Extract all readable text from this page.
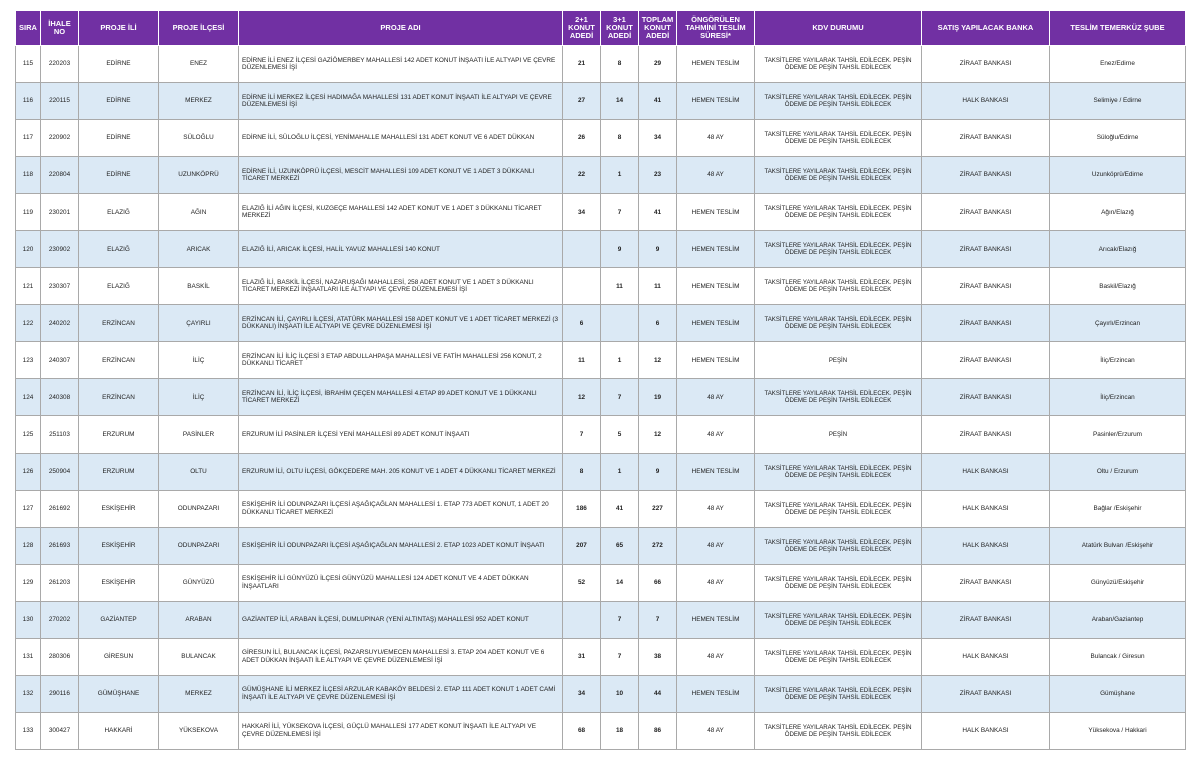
SIRA	İHALE NO	PROJE İLİ	PROJE İLÇESİ	PROJE ADI	2+1 KONUT ADEDİ	3+1 KONUT ADEDİ	TOPLAM KONUT ADEDİ	ÖNGÖRÜLEN TAHMİNİ TESLİM SÜRESİ*	KDV DURUMU	SATIŞ YAPILACAK BANKA	TESLİM TEMERKÜZ ŞUBE
115	220203	EDİRNE	ENEZ	EDİRNE İLİ ENEZ İLÇESİ GAZİÖMERBEY MAHALLESİ 142 ADET KONUT İNŞAATI İLE ALTYAPI VE ÇEVRE DÜZENLEMESİ İŞİ	21	8	29	HEMEN TESLİM	TAKSİTLERE YAYILARAK TAHSİL EDİLECEK. PEŞİN ÖDEME DE PEŞİN TAHSİL EDİLECEK	ZİRAAT BANKASI	Enez/Edirne
116	220115	EDİRNE	MERKEZ	EDİRNE İLİ MERKEZ İLÇESİ HADIMAĞA MAHALLESİ 131 ADET KONUT İNŞAATI İLE ALTYAPI VE ÇEVRE DÜZENLEMESİ İŞİ	27	14	41	HEMEN TESLİM	TAKSİTLERE YAYILARAK TAHSİL EDİLECEK. PEŞİN ÖDEME DE PEŞİN TAHSİL EDİLECEK	HALK BANKASI	Selimiye / Edirne
117	220902	EDİRNE	SÜLOĞLU	EDİRNE İLİ, SÜLOĞLU İLÇESİ, YENİMAHALLE MAHALLESİ 131 ADET KONUT VE 6 ADET DÜKKAN	26	8	34	48 AY	TAKSİTLERE YAYILARAK TAHSİL EDİLECEK. PEŞİN ÖDEME DE PEŞİN TAHSİL EDİLECEK	ZİRAAT BANKASI	Süloğlu/Edirne
118	220804	EDİRNE	UZUNKÖPRÜ	EDİRNE İLİ, UZUNKÖPRÜ İLÇESİ, MESCİT MAHALLESİ 109 ADET KONUT VE 1 ADET 3 DÜKKANLI TİCARET MERKEZİ	22	1	23	48 AY	TAKSİTLERE YAYILARAK TAHSİL EDİLECEK. PEŞİN ÖDEME DE PEŞİN TAHSİL EDİLECEK	ZİRAAT BANKASI	Uzunköprü/Edirne
119	230201	ELAZIĞ	AĞIN	ELAZIĞ İLİ AĞIN İLÇESİ, KUZGEÇE MAHALLESİ 142 ADET KONUT VE 1 ADET 3 DÜKKANLI TİCARET MERKEZİ	34	7	41	HEMEN TESLİM	TAKSİTLERE YAYILARAK TAHSİL EDİLECEK. PEŞİN ÖDEME DE PEŞİN TAHSİL EDİLECEK	ZİRAAT BANKASI	Ağın/Elazığ
120	230902	ELAZIĞ	ARICAK	ELAZIĞ İLİ, ARICAK İLÇESİ, HALİL YAVUZ MAHALLESİ 140 KONUT		9	9	HEMEN TESLİM	TAKSİTLERE YAYILARAK TAHSİL EDİLECEK. PEŞİN ÖDEME DE PEŞİN TAHSİL EDİLECEK	ZİRAAT BANKASI	Arıcak/Elazığ
121	230307	ELAZIĞ	BASKİL	ELAZIĞ İLİ, BASKİL İLÇESİ, NAZARUŞAĞI MAHALLESİ, 258 ADET KONUT VE 1 ADET 3 DÜKKANLI TİCARET MERKEZİ İNŞAATLARI İLE ALTYAPI VE ÇEVRE DÜZENLEMESİ İŞİ		11	11	HEMEN TESLİM	TAKSİTLERE YAYILARAK TAHSİL EDİLECEK. PEŞİN ÖDEME DE PEŞİN TAHSİL EDİLECEK	ZİRAAT BANKASI	Baskil/Elazığ
122	240202	ERZİNCAN	ÇAYIRLI	ERZİNCAN İLİ, ÇAYIRLI İLÇESİ, ATATÜRK MAHALLESİ 158 ADET KONUT VE 1 ADET TİCARET MERKEZİ (3 DÜKKANLI) İNŞAATI İLE ALTYAPI VE ÇEVRE DÜZENLEMESİ İŞİ	6		6	HEMEN TESLİM	TAKSİTLERE YAYILARAK TAHSİL EDİLECEK. PEŞİN ÖDEME DE PEŞİN TAHSİL EDİLECEK	ZİRAAT BANKASI	Çayırlı/Erzincan
123	240307	ERZİNCAN	İLİÇ	ERZİNCAN İLİ İLİÇ İLÇESİ 3 ETAP ABDULLAHPAŞA MAHALLESİ VE FATİH MAHALLESİ 256 KONUT, 2 DÜKKANLI TİCARET	11	1	12	HEMEN TESLİM	PEŞİN	ZİRAAT BANKASI	İliç/Erzincan
124	240308	ERZİNCAN	İLİÇ	ERZİNCAN İLİ, İLİÇ İLÇESİ, İBRAHİM ÇEÇEN MAHALLESİ 4.ETAP 89 ADET KONUT VE 1 DÜKKANLI TİCARET MERKEZİ	12	7	19	48 AY	TAKSİTLERE YAYILARAK TAHSİL EDİLECEK. PEŞİN ÖDEME DE PEŞİN TAHSİL EDİLECEK	ZİRAAT BANKASI	İliç/Erzincan
125	251103	ERZURUM	PASİNLER	ERZURUM İLİ PASİNLER İLÇESİ YENİ MAHALLESİ 89 ADET KONUT İNŞAATI	7	5	12	48 AY	PEŞİN	ZİRAAT BANKASI	Pasinler/Erzurum
126	250904	ERZURUM	OLTU	ERZURUM İLİ, OLTU İLÇESİ, GÖKÇEDERE MAH. 205 KONUT VE 1 ADET 4 DÜKKANLI TİCARET MERKEZİ	8	1	9	HEMEN TESLİM	TAKSİTLERE YAYILARAK TAHSİL EDİLECEK. PEŞİN ÖDEME DE PEŞİN TAHSİL EDİLECEK	HALK BANKASI	Oltu / Erzurum
127	261692	ESKİŞEHİR	ODUNPAZARI	ESKİŞEHİR İLİ ODUNPAZARI İLÇESİ AŞAĞIÇAĞLAN MAHALLESİ 1. ETAP 773 ADET KONUT, 1 ADET 20 DÜKKANLI TİCARET MERKEZİ	186	41	227	48 AY	TAKSİTLERE YAYILARAK TAHSİL EDİLECEK. PEŞİN ÖDEME DE PEŞİN TAHSİL EDİLECEK	HALK BANKASI	Bağlar /Eskişehir
128	261693	ESKİŞEHİR	ODUNPAZARI	ESKİŞEHİR İLİ ODUNPAZARI İLÇESİ AŞAĞIÇAĞLAN MAHALLESİ 2. ETAP 1023 ADET KONUT İNŞAATI	207	65	272	48 AY	TAKSİTLERE YAYILARAK TAHSİL EDİLECEK. PEŞİN ÖDEME DE PEŞİN TAHSİL EDİLECEK	HALK BANKASI	Atatürk Bulvarı /Eskişehir
129	261203	ESKİŞEHİR	GÜNYÜZÜ	ESKİŞEHİR İLİ GÜNYÜZÜ İLÇESİ GÜNYÜZÜ MAHALLESİ 124 ADET KONUT VE 4 ADET DÜKKAN İNŞAATLARI	52	14	66	48 AY	TAKSİTLERE YAYILARAK TAHSİL EDİLECEK. PEŞİN ÖDEME DE PEŞİN TAHSİL EDİLECEK	ZİRAAT BANKASI	Günyüzü/Eskişehir
130	270202	GAZİANTEP	ARABAN	GAZİANTEP İLİ, ARABAN İLÇESİ, DUMLUPINAR (YENİ ALTINTAŞ) MAHALLESİ 952 ADET KONUT		7	7	HEMEN TESLİM	TAKSİTLERE YAYILARAK TAHSİL EDİLECEK. PEŞİN ÖDEME DE PEŞİN TAHSİL EDİLECEK	ZİRAAT BANKASI	Araban/Gaziantep
131	280306	GİRESUN	BULANCAK	GİRESUN İLİ, BULANCAK İLÇESİ, PAZARSUYU/EMECEN MAHALLESİ 3. ETAP 204 ADET KONUT VE 6 ADET DÜKKAN İNŞAATI İLE ALTYAPI VE ÇEVRE DÜZENLEMESİ İŞİ	31	7	38	48 AY	TAKSİTLERE YAYILARAK TAHSİL EDİLECEK. PEŞİN ÖDEME DE PEŞİN TAHSİL EDİLECEK	HALK BANKASI	Bulancak / Giresun
132	290116	GÜMÜŞHANE	MERKEZ	GÜMÜŞHANE İLİ MERKEZ İLÇESİ ARZULAR KABAKÖY BELDESİ 2. ETAP 111 ADET KONUT 1 ADET CAMİ İNŞAATI İLE ALTYAPI VE ÇEVRE DÜZENLEMESİ İŞİ	34	10	44	HEMEN TESLİM	TAKSİTLERE YAYILARAK TAHSİL EDİLECEK. PEŞİN ÖDEME DE PEŞİN TAHSİL EDİLECEK	ZİRAAT BANKASI	Gümüşhane
133	300427	HAKKARİ	YÜKSEKOVA	HAKKARİ İLİ, YÜKSEKOVA İLÇESİ, GÜÇLÜ MAHALLESİ 177 ADET KONUT İNŞAATI İLE ALTYAPI VE ÇEVRE DÜZENLEMESİ İŞİ	68	18	86	48 AY	TAKSİTLERE YAYILARAK TAHSİL EDİLECEK. PEŞİN ÖDEME DE PEŞİN TAHSİL EDİLECEK	HALK BANKASI	Yüksekova / Hakkari
